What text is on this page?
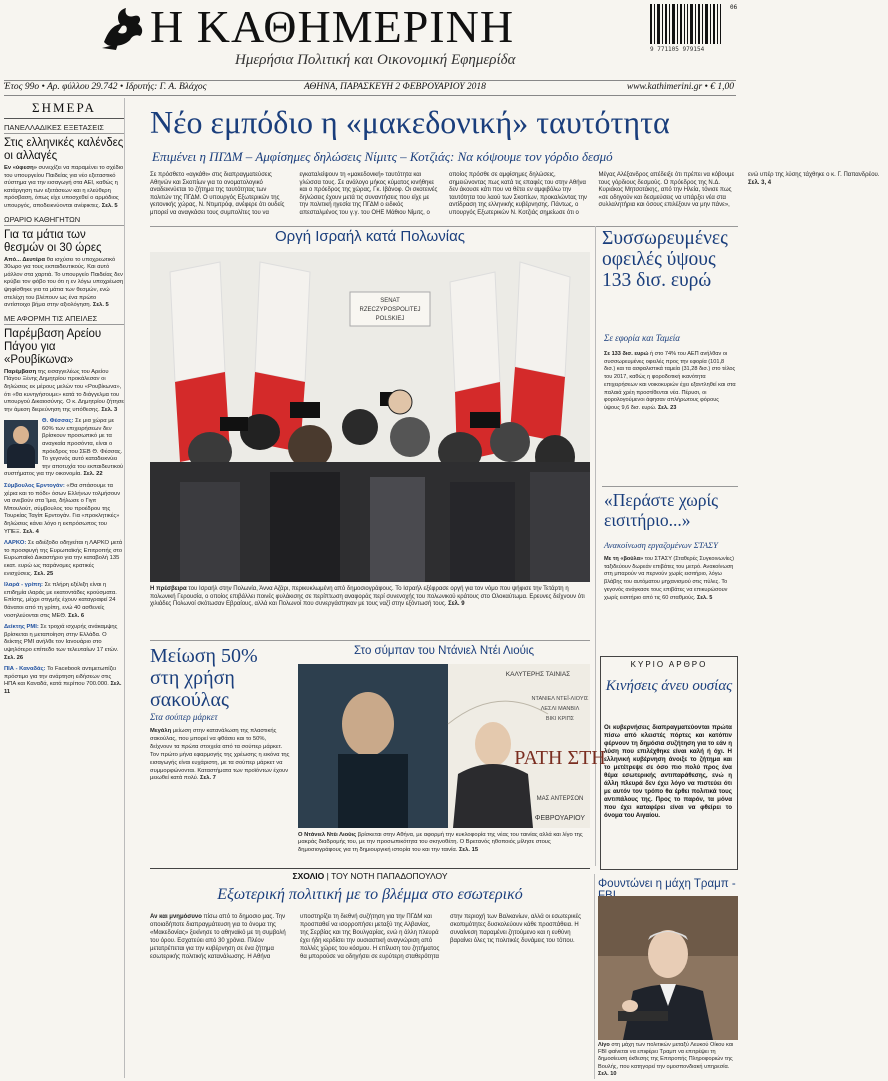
Η ΚΑΘΗΜΕΡΙΝΗ
Ημερήσια Πολιτική και Οικονομική Εφημερίδα
06
9 771105 979154
Έτος 99ο • Αρ. φύλλου 29.742 • Ιδρυτής: Γ. Α. Βλάχος	ΑΘΗΝΑ, ΠΑΡΑΣΚΕΥΗ 2 ΦΕΒΡΟΥΑΡΙΟΥ 2018	www.kathimerini.gr • € 1,00
ΣΗΜΕΡΑ
ΠΑΝΕΛΛΑΔΙΚΕΣ ΕΞΕΤΑΣΕΙΣ
Στις ελληνικές καλένδες οι αλλαγές
Εν «ύφεση» συνεχίζει να παραμένει το σχέδιο του υπουργείου Παιδείας για νέο εξεταστικό σύστημα για την εισαγωγή στα ΑΕΙ, καθώς η κατάργηση των εξετάσεων και η ελεύθερη πρόσβαση, όπως είχε υποσχεθεί ο αρμόδιος υπουργός, αποδεικνύονται ανέφικτες. Σελ. 5
ΩΡΑΡΙΟ ΚΑΘΗΓΗΤΩΝ
Για τα μάτια των θεσμών οι 30 ώρες
Από... Δευτέρα θα ισχύσει το υποχρεωτικό 30ωρο για τους εκπαιδευτικούς. Και αυτό μάλλον στα χαρτιά. Το υπουργείο Παιδείας δεν κρύβει τον φόβο του ότι η εν λόγω υποχρέωση ψηφίσθηκε για τα μάτια των θεσμών, ενώ στελέχη του βλέπουν ως ένα πρώτο αντίστοιχο βήμα στην αξιολόγηση. Σελ. 5
ΜΕ ΑΦΟΡΜΗ ΤΙΣ ΑΠΕΙΛΕΣ
Παρέμβαση Αρείου Πάγου για «Ρουβίκωνα»
Παρέμβαση της εισαγγελέως του Αρείου Πάγου Ξένης Δημητρίου προκάλεσαν οι δηλώσεις εκ μέρους μελών του «Ρουβίκωνα», ότι «θα κυνηγήσουμε» κατά το διάγγελμα του υπουργού Δικαιοσύνης. Ο κ. Δημητρίου ζήτησε την άμεση διερεύνηση της υπόθεσης. Σελ. 3
Θ. Φέσσας: Σε μια χώρα με 60% των επιχειρήσεων δεν βρίσκουν προσωπικό με τα αναγκαία προσόντα, είναι ο πρόεδρος του ΣΕΒ Θ. Φέσσας. Το γεγονός αυτό καταδεικνύει την αποτυχία του εκπαιδευτικού συστήματος για την οικονομία. Σελ. 22
Σύμβουλος Ερντογάν: «Θα σπάσουμε τα χέρια και το πόδι» όσων Ελλήνων τολμήσουν να ανεβούν στα Ίμια, δήλωσε ο Γιγιτ Μπουλούτ, σύμβουλος του προέδρου της Τουρκίας Ταγίπ Ερντογάν. Για «προκλητικές» δηλώσεις κάνει λόγο η εκπρόσωπος του ΥΠΕΞ. Σελ. 4
ΛΑΡΚΟ: Σε αδιέξοδο οδηγείται η ΛΑΡΚΟ μετά το προσφυγή της Ευρωπαϊκής Επιτροπής στο Ευρωπαϊκό Δικαστήριο για την καταβολή 135 εκατ. ευρώ ως παράνομες κρατικές ενισχύσεις. Σελ. 25
Ιλαρά - γρίπη: Σε πλήρη εξέλιξη είναι η επιδημία ιλαράς με εκατοντάδες κρούσματα. Επίσης, μέχρι στιγμής έχουν καταγραφεί 24 θάνατοι από τη γρίπη, ενώ 40 ασθενείς νοσηλεύονται στις ΜΕΘ. Σελ. 6
Δείκτης PMI: Σε τροχιά ισχυρής ανάκαμψης βρίσκεται η μεταποίηση στην Ελλάδα. Ο δείκτης PMI ανήλθε τον Ιανουάριο στο υψηλότερο επίπεδο των τελευταίων 17 ετών. Σελ. 26
ΠΙΑ - Καναδάς: Το Facebook αντιμετωπίζει πρόστιμο για την ανάρτηση ειδήσεων στις ΗΠΑ και Καναδά, κατά περίπου 700.000. Σελ. 11
Νέο εμπόδιο η «μακεδονική» ταυτότητα
Επιμένει η ΠΓΔΜ – Αμφίσημες δηλώσεις Νίμιτς – Κοτζιάς: Να κόψουμε τον γόρδιο δεσμό
Σε πρόσθετο «αγκάθι» στις διαπραγματεύσεις Αθηνών και Σκοπίων για το ονοματολογικό αναδεικνύεται το ζήτημα της ταυτότητας των πολιτών της ΠΓΔΜ. Ο υπουργός Εξωτερικών της γειτονικής χώρας, Ν. Ντιμιτρόφ, ανέφερε ότι ουδείς μπορεί να αναγκάσει τους συμπολίτες του να εγκαταλείψουν τη «μακεδονική» ταυτότητα και γλώσσα τους. Σε ανάλογο μήκος κύματος κινήθηκε και ο πρόεδρος της χώρας, Γκ. Ιβάνοφ. Οι σκοτεινές δηλώσεις έχουν μετά τις συναντήσεις που είχε με την πολιτική ηγεσία της ΠΓΔΜ ο ειδικός απεσταλμένος του γ.γ. του ΟΗΕ Μάθιου Νίμιτς, ο οποίος πρόσθε σε αμφίσημες δηλώσεις, σημειώνοντας πως κατά τις επαφές του στην Αθήνα δεν άκουσε κάτι που να θέτει εν αμφιβόλω την ταυτότητα του λαού των Σκοπίων, προκαλώντας την αντίδραση της ελληνικής κυβέρνησης. Πάντως, ο υπουργός Εξωτερικών Ν. Κοτζιάς σημείωσε ότι ο Μέγας Αλέξανδρος απέδειξε ότι πρέπει να κόβουμε τους γόρδιους δεσμούς. Ο πρόεδρος της Ν.Δ. Κυριάκος Μητσοτάκης, από την Ηλεία, τόνισε πως «σε οδηγούν και δεσμεύσεις να υπάρξει νέα στα συλλαλητήρια και όσους επιλέξουν να μην πάνε», ενώ υπέρ της λύσης τάχθηκε ο κ. Γ. Παπανδρέου. Σελ. 3, 4
Οργή Ισραήλ κατά Πολωνίας
SENAT
RZECZYPOSPOLITEJ
POLSKIEJ
Η πρέσβειρα του Ισραήλ στην Πολωνία, Άννα Αζάρι, περικυκλωμένη από δημοσιογράφους. Το Ισραήλ εξέφρασε οργή για τον νόμο που ψήφισε την Τετάρτη η πολωνική Γερουσία, ο οποίος επιβάλλει ποινές φυλάκισης σε περίπτωση αναφοράς περί συνενοχής του πολωνικού κράτους στο Ολοκαύτωμα. Ερευνες δείχνουν ότι χιλιάδες Πολωνοί σκότωσαν Εβραίους, αλλά και Πολωνοί που συνεργάστηκαν με τους ναζί στην εξόντωσή τους. Σελ. 9
Συσσωρευμένες οφειλές ύψους 133 δισ. ευρώ
Σε εφορία και Ταμεία
Σε 133 δισ. ευρώ ή στο 74% του ΑΕΠ ανήλθαν οι συσσωρευμένες οφειλές προς την εφορία (101,8 δισ.) και τα ασφαλιστικά ταμεία (31,28 δισ.) στο τέλος του 2017, καθώς η φοροδοτική ικανότητα επιχειρήσεων και νοικοκυριών έχει εξαντληθεί και στα παλαιά χρέη προστίθενται νέα. Πέρυσι, οι φορολογούμενοι άφησαν απλήρωτους φόρους ύψους 9,6 δισ. ευρώ. Σελ. 23
«Περάστε χωρίς εισιτήριο...»
Ανακοίνωση εργαζομένων ΣΤΑΣΥ
Με τη «βούλα» του ΣΤΑΣΥ (Σταθερές Συγκοινωνίες) ταξιδεύουν δωρεάν επιβάτες του μετρό. Ανακοίνωση στη μπαρούν να περνούν χωρίς εισιτήριο, λόγω βλάβης του αυτόματου μηχανισμού στις πύλες. Το γεγονός ανάγκασε τους επιβάτες να επικυρώσουν χωρίς εισιτήριο από τις 60 σταθμούς. Σελ. 5
ΚΥΡΙΟ ΑΡΘΡΟ
Κινήσεις άνευ ουσίας
Οι κυβερνήσεις διαπραγματεύονται πρώτα πίσω από κλειστές πόρτες και κατόπιν φέρνουν τη δημόσια συζήτηση για το εάν η λύση που επιλέχθηκε είναι καλή ή όχι. Η ελληνική κυβέρνηση άνοιξε το ζήτημα και το μετέτρεψε σε όσο πιο πολύ προς ένα θέμα εσωτερικής αντιπαράθεσης, ενώ η άλλη πλευρά δεν έχει λόγο να πιστεύει ότι με αυτόν τον τρόπο θα έρθει πολιτικά τους αντιπάλους της. Προς το παρόν, τα μόνα που έχει καταφέρει είναι να φθείρει το όνομα του Αιγαίου.
Μείωση 50% στη χρήση σακούλας
Στα σούπερ μάρκετ
Μεγάλη μείωση στην κατανάλωση της πλαστικής σακούλας, που μπορεί να φθάσει και το 50%, δείχνουν τα πρώτα στοιχεία από τα σούπερ μάρκετ. Τον πρώτο μήνα εφαρμογής της χρέωσης η εικόνα της εισαγωγής είναι ευχάριστη, με τα σούπερ μάρκετ να συμμορφώνονται. Καταστήματα των προϊόντων έχουν μειωθεί κατά πολύ. Σελ. 7
Στο σύμπαν του Ντάνιελ Ντέι Λιούις
ΚΑΛΥΤΕΡΗΣ ΤΑΙΝΙΑΣ
ΝΤΑΝΙΕΛ ΝΤΕΪ-ΛΙΟΥΙΣ
ΛΕΣΛΙ ΜΑΝΒΙΛ
ΒΙΚΙ ΚΡΙΠΣ
ΡΑΤΗ ΣΤΗ
ΜΑΣ ΑΝΤΕΡΣΟΝ
ΦΕΒΡΟΥΑΡΙΟΥ
Ο Ντάνιελ Ντέι Λιούις βρίσκεται στην Αθήνα, με αφορμή την κυκλοφορία της νέας του ταινίας αλλά και λίγο της μακράς διαδρομής του, με την προσωπικότητα του σκηνοθέτη. Ο Βρετανός ηθοποιός μίλησε στους δημοσιογράφους για τη δημιουργική ιστορία του και την ταινία. Σελ. 15
ΣΧΟΛΙΟ | ΤΟΥ ΝΟΤΗ ΠΑΠΑΔΟΠΟΥΛΟΥ
Εξωτερική πολιτική με το βλέμμα στο εσωτερικό
Αν και μνημόσυνο πίσω από το δημοσιο μας. Την οποιαδήποτε διαπραγμάτευση για το όνομα της «Μακεδονίας» ξεκίνησε το αθηναϊκό με τη συμβολή του όρου. Εσχατεύει από 30 χρόνια. Πλέον μετατρέπεται για την κυβέρνηση σε ένα ζήτημα εσωτερικής πολιτικής κατανάλωσης. Η Αθήνα υποστηρίζει τη διεθνή συζήτηση για την ΠΓΔΜ και προσπαθεί να ισορροπήσει μεταξύ της Αλβανίας, της Σερβίας και της Βουλγαρίας, ενώ η άλλη πλευρά έχει ήδη κερδίσει την ουσιαστική αναγνώριση από πολλές χώρες του κόσμου. Η επίλυση του ζητήματος θα μπορούσε να οδηγήσει σε ευρύτερη σταθερότητα στην περιοχή των Βαλκανίων, αλλά οι εσωτερικές σκοπιμότητες δυσκολεύουν κάθε προσπάθεια. Η συναίνεση παραμένει ζητούμενο και η ευθύνη βαραίνει όλες τις πολιτικές δυνάμεις του τόπου.
Φουντώνει η μάχη Τραμπ -
Λίγο στη μάχη των πολιτικών μεταξύ Λευκού Οίκου και FBI φαίνεται να επιφέρει Τραμπ να επιτρέψει τη δημοσίευση έκθεσης της Επιτροπής Πληροφοριών της Βουλής, που κατηγορεί την ομοσπονδιακή υπηρεσία. Σελ. 10
